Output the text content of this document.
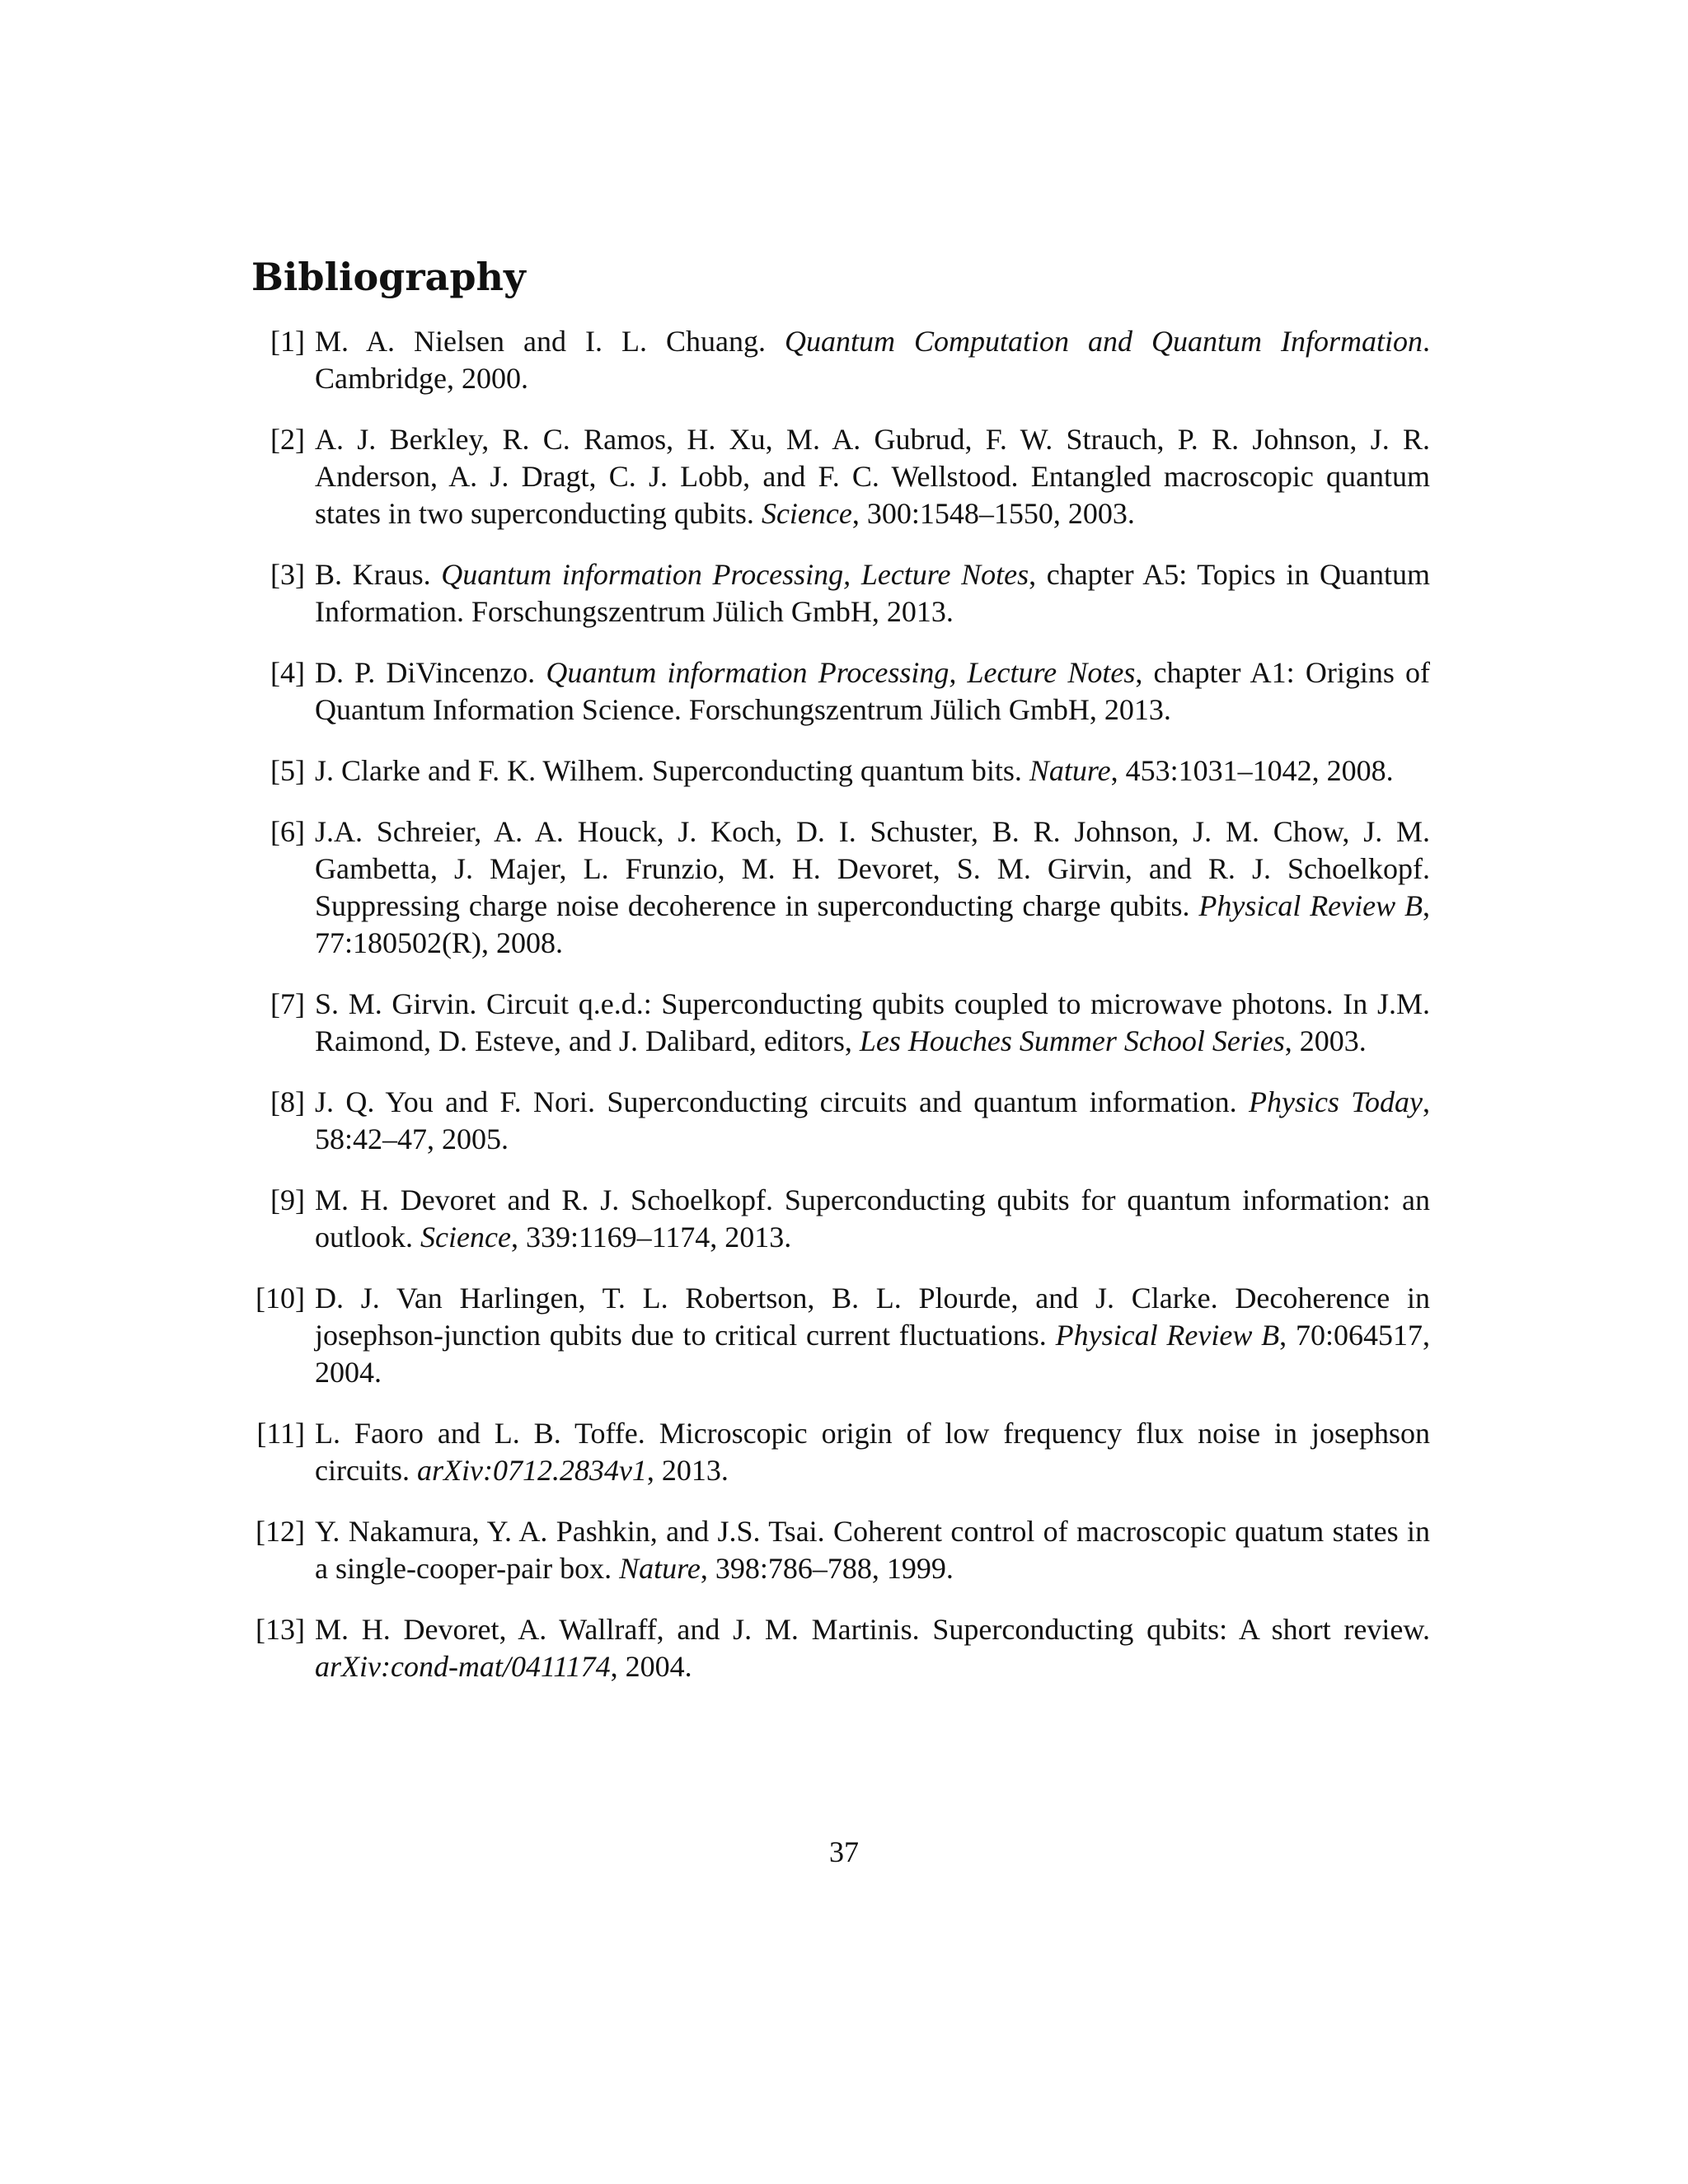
Bibliography
[1] M. A. Nielsen and I. L. Chuang. Quantum Computation and Quantum Information. Cambridge, 2000.
[2] A. J. Berkley, R. C. Ramos, H. Xu, M. A. Gubrud, F. W. Strauch, P. R. Johnson, J. R. Anderson, A. J. Dragt, C. J. Lobb, and F. C. Wellstood. Entangled macroscopic quantum states in two superconducting qubits. Science, 300:1548–1550, 2003.
[3] B. Kraus. Quantum information Processing, Lecture Notes, chapter A5: Topics in Quantum Information. Forschungszentrum Jülich GmbH, 2013.
[4] D. P. DiVincenzo. Quantum information Processing, Lecture Notes, chapter A1: Origins of Quantum Information Science. Forschungszentrum Jülich GmbH, 2013.
[5] J. Clarke and F. K. Wilhem. Superconducting quantum bits. Nature, 453:1031–1042, 2008.
[6] J.A. Schreier, A. A. Houck, J. Koch, D. I. Schuster, B. R. Johnson, J. M. Chow, J. M. Gambetta, J. Majer, L. Frunzio, M. H. Devoret, S. M. Girvin, and R. J. Schoelkopf. Suppressing charge noise decoherence in superconducting charge qubits. Physical Review B, 77:180502(R), 2008.
[7] S. M. Girvin. Circuit q.e.d.: Superconducting qubits coupled to microwave photons. In J.M. Raimond, D. Esteve, and J. Dalibard, editors, Les Houches Summer School Series, 2003.
[8] J. Q. You and F. Nori. Superconducting circuits and quantum information. Physics Today, 58:42–47, 2005.
[9] M. H. Devoret and R. J. Schoelkopf. Superconducting qubits for quantum information: an outlook. Science, 339:1169–1174, 2013.
[10] D. J. Van Harlingen, T. L. Robertson, B. L. Plourde, and J. Clarke. Decoherence in josephson-junction qubits due to critical current fluctuations. Physical Review B, 70:064517, 2004.
[11] L. Faoro and L. B. Toffe. Microscopic origin of low frequency flux noise in josephson circuits. arXiv:0712.2834v1, 2013.
[12] Y. Nakamura, Y. A. Pashkin, and J.S. Tsai. Coherent control of macroscopic quatum states in a single-cooper-pair box. Nature, 398:786–788, 1999.
[13] M. H. Devoret, A. Wallraff, and J. M. Martinis. Superconducting qubits: A short review. arXiv:cond-mat/0411174, 2004.
37
